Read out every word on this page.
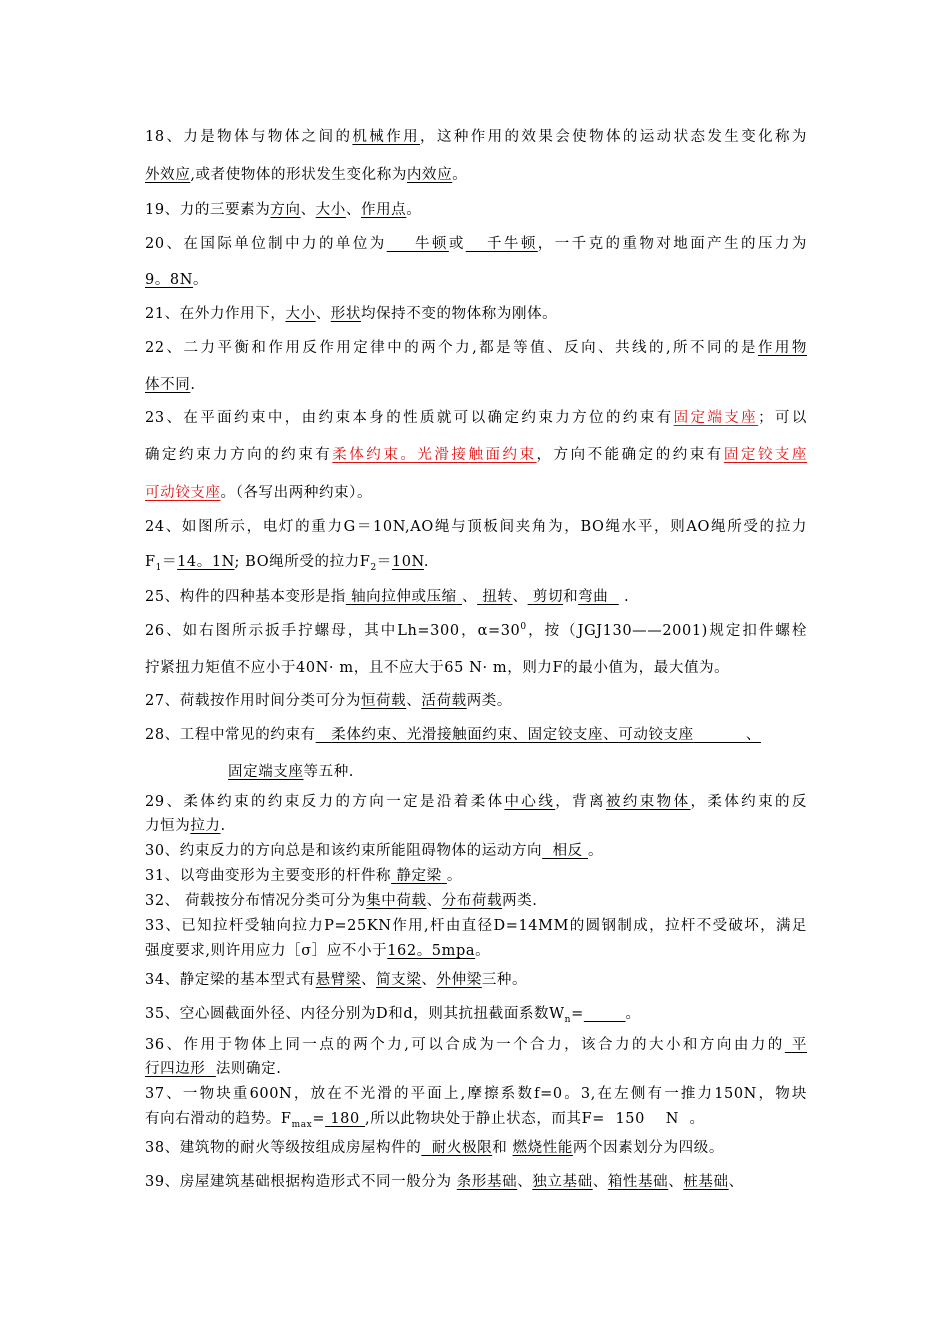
18、力是物体与物体之间的机械作用，这种作用的效果会使物体的运动状态发生变化称为
外效应,或者使物体的形状发生变化称为内效应。
19、力的三要素为方向、大小、作用点。
20、在国际单位制中力的单位为 牛顿或 千牛顿，一千克的重物对地面产生的压力为
9。8N。
21、在外力作用下，大小、形状均保持不变的物体称为刚体。
22、二力平衡和作用反作用定律中的两个力,都是等值、反向、共线的,所不同的是作用物
体不同.
23、在平面约束中，由约束本身的性质就可以确定约束力方位的约束有固定端支座；可以
确定约束力方向的约束有柔体约束。光滑接触面约束，方向不能确定的约束有固定铰支座
可动铰支座。（各写出两种约束）。
24、如图所示，电灯的重力G＝10N,AO绳与顶板间夹角为，BO绳水平，则AO绳所受的拉力
$F_1=14$。1N; BO绳所受的拉力$F_2=10N$.
25、构件的四种基本变形是指 轴向拉伸或压缩 、 扭转、 剪切和弯曲 .
26、如右图所示扳手拧螺母，其中Lh=300，$\alpha=30^0$，按（JGJ130——2001)规定扣件螺栓
拧紧扭力矩值不应小于40N· m，且不应大于65 N· m，则力F的最小值为，最大值为。
27、荷载按作用时间分类可分为恒荷载、活荷载两类。
28、工程中常见的约束有 柔体约束、光滑接触面约束、固定铰支座、可动铰支座	、
固定端支座等五种.
29、柔体约束的约束反力的方向一定是沿着柔体中心线，背离被约束物体，柔体约束的反
力恒为拉力.
30、约束反力的方向总是和该约束所能阻碍物体的运动方向 相反 。
31、以弯曲变形为主要变形的杆件称 静定梁 。
32、 荷载按分布情况分类可分为集中荷载、分布荷载两类.
33、已知拉杆受轴向拉力P=25KN作用,杆由直径D=14MM的圆钢制成，拉杆不受破坏，满足
强度要求,则许用应力［σ］应不小于162。5mpa。
34、静定梁的基本型式有悬臂梁、简支梁、外伸梁三种。
35、空心圆截面外径、内径分别为D和d，则其抗扭截面系数$W_n=$	。
36、作用于物体上同一点的两个力,可以合成为一个合力，该合力的大小和方向由力的 平
行四边形 法则确定.
37、一物块重600N，放在不光滑的平面上,摩擦系数f=0。3,在左侧有一推力150N，物块
有向右滑动的趋势。$F_{max}= 180$ ,所以此物块处于静止状态，而其F= 150 N 。
38、建筑物的耐火等级按组成房屋构件的 耐火极限和 燃烧性能两个因素划分为四级。
39、房屋建筑基础根据构造形式不同一般分为 条形基础、独立基础、箱性基础、桩基础、
